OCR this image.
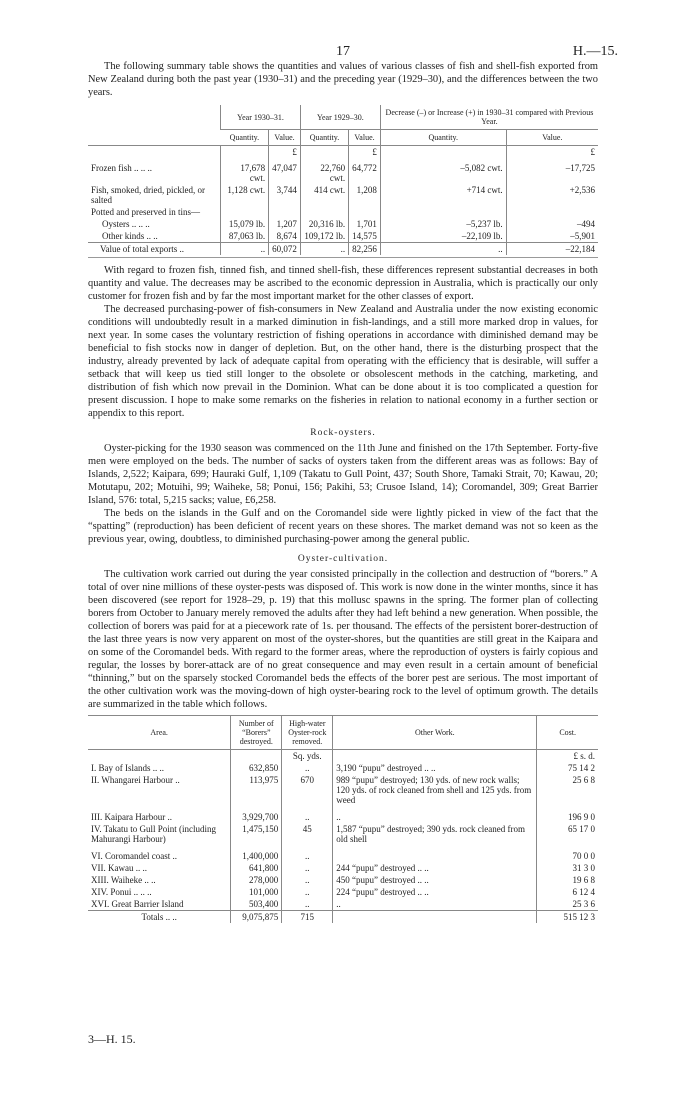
17	H.—15.

The following summary table shows the quantities and values of various classes of fish and shell-fish exported from New Zealand during both the past year (1930–31) and the preceding year (1929–30), and the differences between the two years.

	Year 1930–31.		Year 1929–30.		Decrease (–) or Increase (+) in 1930–31 compared with Previous Year.	
	Quantity.	Value.	Quantity.	Value.	Quantity.	Value.
		£		£		£
Frozen fish .. .. ..	17,678 cwt.	47,047	22,760 cwt.	64,772	–5,082 cwt.	–17,725
Fish, smoked, dried, pickled, or salted	1,128 cwt.	3,744	414 cwt.	1,208	+714 cwt.	+2,536
Potted and preserved in tins—						
Oysters .. .. ..	15,079 lb.	1,207	20,316 lb.	1,701	–5,237 lb.	–494
Other kinds .. ..	87,063 lb.	8,674	109,172 lb.	14,575	–22,109 lb.	–5,901
Value of total exports ..	..	60,072	..	82,256	..	–22,184

With regard to frozen fish, tinned fish, and tinned shell-fish, these differences represent substantial decreases in both quantity and value. The decreases may be ascribed to the economic depression in Australia, which is practically our only customer for frozen fish and by far the most important market for the other classes of export.

The decreased purchasing-power of fish-consumers in New Zealand and Australia under the now existing economic conditions will undoubtedly result in a marked diminution in fish-landings, and a still more marked drop in values, for next year. In some cases the voluntary restriction of fishing operations in accordance with diminished demand may be beneficial to fish stocks now in danger of depletion. But, on the other hand, there is the disturbing prospect that the industry, already prevented by lack of adequate capital from operating with the efficiency that is desirable, will suffer a setback that will keep us tied still longer to the obsolete or obsolescent methods in the catching, marketing, and distribution of fish which now prevail in the Dominion. What can be done about it is too complicated a question for present discussion. I hope to make some remarks on the fisheries in relation to national economy in a further section or appendix to this report.

Rock-oysters.

Oyster-picking for the 1930 season was commenced on the 11th June and finished on the 17th September. Forty-five men were employed on the beds. The number of sacks of oysters taken from the different areas was as follows: Bay of Islands, 2,522; Kaipara, 699; Hauraki Gulf, 1,109 (Takatu to Gull Point, 437; South Shore, Tamaki Strait, 70; Kawau, 20; Motutapu, 202; Motuihi, 99; Waiheke, 58; Ponui, 156; Pakihi, 53; Crusoe Island, 14); Coromandel, 309; Great Barrier Island, 576: total, 5,215 sacks; value, £6,258.

The beds on the islands in the Gulf and on the Coromandel side were lightly picked in view of the fact that the “spatting” (reproduction) has been deficient of recent years on these shores. The market demand was not so keen as the previous year, owing, doubtless, to diminished purchasing-power among the general public.

Oyster-cultivation.

The cultivation work carried out during the year consisted principally in the collection and destruction of “borers.” A total of over nine millions of these oyster-pests was disposed of. This work is now done in the winter months, since it has been discovered (see report for 1928–29, p. 19) that this mollusc spawns in the spring. The former plan of collecting borers from October to January merely removed the adults after they had left behind a new generation. When possible, the collection of borers was paid for at a piecework rate of 1s. per thousand. The effects of the persistent borer-destruction of the last three years is now very apparent on most of the oyster-shores, but the quantities are still great in the Kaipara and on some of the Coromandel beds. With regard to the former areas, where the reproduction of oysters is fairly copious and regular, the losses by borer-attack are of no great consequence and may even result in a certain amount of beneficial “thinning,” but on the sparsely stocked Coromandel beds the effects of the borer pest are serious. The most important of the other cultivation work was the moving-down of high oyster-bearing rock to the level of optimum growth. The details are summarized in the table which follows.

Area.	Number of “Borers” destroyed.	High-water Oyster-rock removed.	Other Work.	Cost.
		Sq. yds.		£ s. d.
I. Bay of Islands .. ..	632,850	..	3,190 “pupu” destroyed .. ..	75 14 2
II. Whangarei Harbour ..	113,975	670	989 “pupu” destroyed; 130 yds. of new rock walls; 120 yds. of rock cleaned from shell and 125 yds. from weed	25 6 8
III. Kaipara Harbour ..	3,929,700	..	..	196 9 0
IV. Takatu to Gull Point (including Mahurangi Harbour)	1,475,150	45	1,587 “pupu” destroyed; 390 yds. rock cleaned from old shell	65 17 0
VI. Coromandel coast ..	1,400,000	..		70 0 0
VII. Kawau .. ..	641,800	..	244 “pupu” destroyed .. ..	31 3 0
XIII. Waiheke .. ..	278,000	..	450 “pupu” destroyed .. ..	19 6 8
XIV. Ponui .. .. ..	101,000	..	224 “pupu” destroyed .. ..	6 12 4
XVI. Great Barrier Island	503,400	..	..	25 3 6
Totals .. ..	9,075,875	715		515 12 3
3—H. 15.
